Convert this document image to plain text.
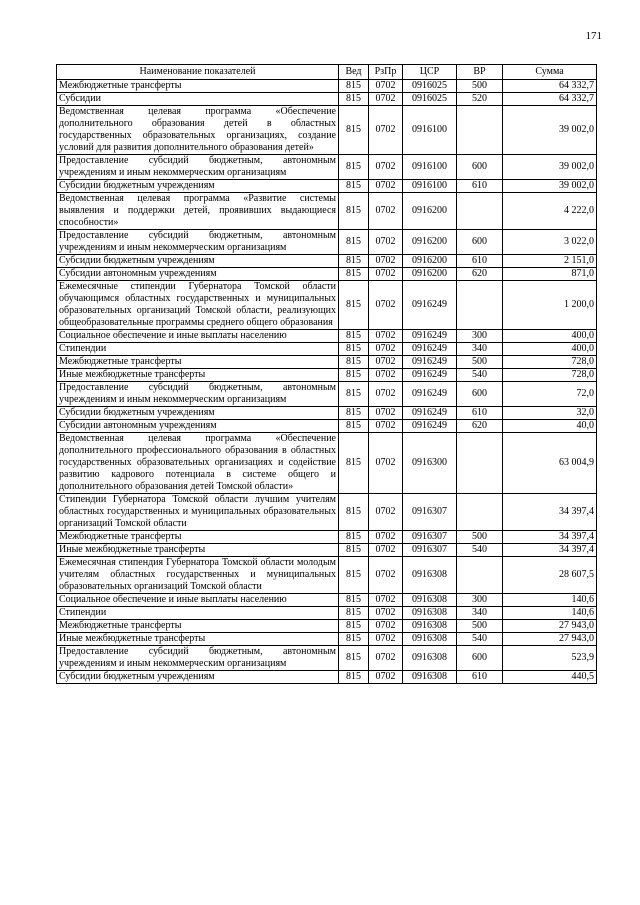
171
Наименование показателей	Вед	РзПр	ЦСР	ВР	Сумма
Межбюджетные трансферты	815	0702	0916025	500	64 332,7
Субсидии	815	0702	0916025	520	64 332,7
Ведомственная целевая программа «Обеспечение дополнительного образования детей в областных государственных образовательных организациях, создание условий для развития дополнительного образования детей»	815	0702	0916100		39 002,0
Предоставление субсидий бюджетным, автономным учреждениям и иным некоммерческим организациям	815	0702	0916100	600	39 002,0
Субсидии бюджетным учреждениям	815	0702	0916100	610	39 002,0
Ведомственная целевая программа «Развитие системы выявления и поддержки детей, проявивших выдающиеся способности»	815	0702	0916200		4 222,0
Предоставление субсидий бюджетным, автономным учреждениям и иным некоммерческим организациям	815	0702	0916200	600	3 022,0
Субсидии бюджетным учреждениям	815	0702	0916200	610	2 151,0
Субсидии автономным учреждениям	815	0702	0916200	620	871,0
Ежемесячные стипендии Губернатора Томской области обучающимся областных государственных и муниципальных образовательных организаций Томской области, реализующих общеобразовательные программы среднего общего образования	815	0702	0916249		1 200,0
Социальное обеспечение и иные выплаты населению	815	0702	0916249	300	400,0
Стипендии	815	0702	0916249	340	400,0
Межбюджетные трансферты	815	0702	0916249	500	728,0
Иные межбюджетные трансферты	815	0702	0916249	540	728,0
Предоставление субсидий бюджетным, автономным учреждениям и иным некоммерческим организациям	815	0702	0916249	600	72,0
Субсидии бюджетным учреждениям	815	0702	0916249	610	32,0
Субсидии автономным учреждениям	815	0702	0916249	620	40,0
Ведомственная целевая программа «Обеспечение дополнительного профессионального образования в областных государственных образовательных организациях и содействие развитию кадрового потенциала в системе общего и дополнительного образования детей Томской области»	815	0702	0916300		63 004,9
Стипендии Губернатора Томской области лучшим учителям областных государственных и муниципальных образовательных организаций Томской области	815	0702	0916307		34 397,4
Межбюджетные трансферты	815	0702	0916307	500	34 397,4
Иные межбюджетные трансферты	815	0702	0916307	540	34 397,4
Ежемесячная стипендия Губернатора Томской области молодым учителям областных государственных и муниципальных образовательных организаций Томской области	815	0702	0916308		28 607,5
Социальное обеспечение и иные выплаты населению	815	0702	0916308	300	140,6
Стипендии	815	0702	0916308	340	140,6
Межбюджетные трансферты	815	0702	0916308	500	27 943,0
Иные межбюджетные трансферты	815	0702	0916308	540	27 943,0
Предоставление субсидий бюджетным, автономным учреждениям и иным некоммерческим организациям	815	0702	0916308	600	523,9
Субсидии бюджетным учреждениям	815	0702	0916308	610	440,5
